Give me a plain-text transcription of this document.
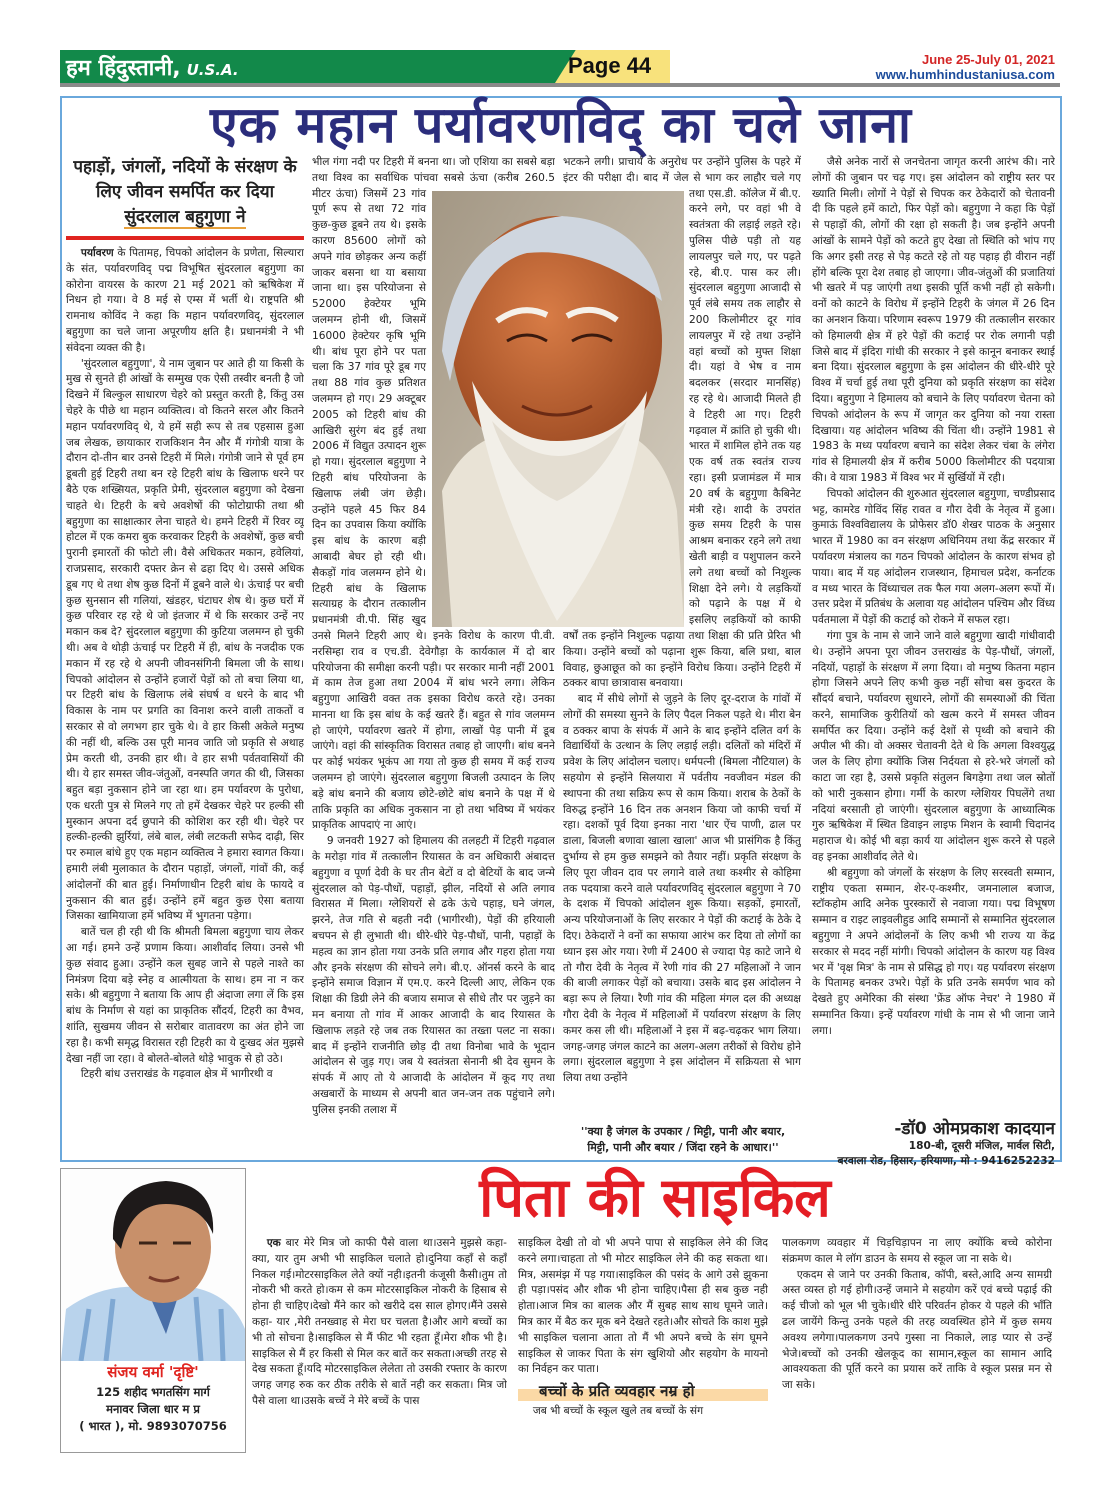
हम हिंदुस्तानी, U.S.A.	Page 44	June 25-July 01, 2021
www.humhindustaniusa.com
एक महान पर्यावरणविद् का चले जाना
पहाड़ों, जंगलों, नदियों के संरक्षण के
लिए जीवन समर्पित कर दिया
सुंदरलाल बहुगुणा ने

पर्यावरण के पितामह, चिपको आंदोलन के प्रणेता, सिल्यारा के संत, पर्यावरणविद् पद्म विभूषित सुंदरलाल बहुगुणा का कोरोना वायरस के कारण 21 मई 2021 को ऋषिकेश में निधन हो गया। वे 8 मई से एम्स में भर्ती थे। राष्ट्रपति श्री रामनाथ कोविंद ने कहा कि महान पर्यावरणविद्, सुंदरलाल बहुगुणा का चले जाना अपूरणीय क्षति है। प्रधानमंत्री ने भी संवेदना व्यक्त की है।

'सुंदरलाल बहुगुणा', ये नाम जुबान पर आते ही या किसी के मुख से सुनते ही आंखों के सम्मुख एक ऐसी तस्वीर बनती है जो दिखने में बिल्कुल साधारण चेहरे को प्रस्तुत करती है, किंतु उस चेहरे के पीछे था महान व्यक्तित्व। वो कितने सरल और कितने महान पर्यावरणविद् थे, ये हमें सही रूप से तब एहसास हुआ जब लेखक, छायाकार राजकिशन नैन और मैं गंगोत्री यात्रा के दौरान दो-तीन बार उनसे टिहरी में मिले। गंगोत्री जाने से पूर्व हम डूबती हुई टिहरी तथा बन रहे टिहरी बांध के खिलाफ धरने पर बैठे एक शख्सियत, प्रकृति प्रेमी, सुंदरलाल बहुगुणा को देखना चाहते थे। टिहरी के बचे अवशेषों की फोटोग्राफी तथा श्री बहुगुणा का साक्षात्कार लेना चाहते थे। हमने टिहरी में रिवर व्यू होटल में एक कमरा बुक करवाकर टिहरी के अवशेषों, कुछ बची पुरानी इमारतों की फोटो ली। वैसे अधिकतर मकान, हवेलियां, राजप्रसाद, सरकारी दफ्तर क्रेन से ढहा दिए थे। उससे अधिक डूब गए थे तथा शेष कुछ दिनों में डूबने वाले थे। ऊंचाई पर बची कुछ सुनसान सी गलियां, खंडहर, घंटाघर शेष थे। कुछ घरों में कुछ परिवार रह रहे थे जो इंतजार में थे कि सरकार उन्हें नए मकान कब दे? सुंदरलाल बहुगुणा की कुटिया जलमग्न हो चुकी थी। अब वे थोड़ी ऊंचाई पर टिहरी में ही, बांध के नजदीक एक मकान में रह रहे थे अपनी जीवनसंगिनी बिमला जी के साथ। चिपको आंदोलन से उन्होंने हजारों पेड़ों को तो बचा लिया था, पर टिहरी बांध के खिलाफ लंबे संघर्ष व धरने के बाद भी विकास के नाम पर प्रगति का विनाश करने वाली ताकतों व सरकार से वो लगभग हार चुके थे। वे हार किसी अकेले मनुष्य की नहीं थी, बल्कि उस पूरी मानव जाति जो प्रकृति से अथाह प्रेम करती थी, उनकी हार थी। वे हार सभी पर्वतवासियों की थी। ये हार समस्त जीव-जंतुओं, वनस्पति जगत की थी, जिसका बहुत बड़ा नुकसान होने जा रहा था। हम पर्यावरण के पुरोधा, एक धरती पुत्र से मिलने गए तो हमें देखकर चेहरे पर हल्की सी मुस्कान अपना दर्द छुपाने की कोशिश कर रही थी। चेहरे पर हल्की-हल्की झुर्रियां, लंबे बाल, लंबी लटकती सफेद दाढ़ी, सिर पर रुमाल बांधे हुए एक महान व्यक्तित्व ने हमारा स्वागत किया। हमारी लंबी मुलाकात के दौरान पहाड़ों, जंगलों, गांवों की, कई आंदोलनों की बात हुई। निर्माणाधीन टिहरी बांध के फायदे व नुकसान की बात हुई। उन्होंने हमें बहुत कुछ ऐसा बताया जिसका खामियाजा हमें भविष्य में भुगतना पड़ेगा।

बातें चल ही रही थी कि श्रीमती बिमला बहुगुणा चाय लेकर आ गई। हमने उन्हें प्रणाम किया। आशीर्वाद लिया। उनसे भी कुछ संवाद हुआ। उन्होंने कल सुबह जाने से पहले नाश्ते का निमंत्रण दिया बड़े स्नेह व आत्मीयता के साथ। हम ना न कर सके। श्री बहुगुणा ने बताया कि आप ही अंदाजा लगा लें कि इस बांध के निर्माण से यहां का प्राकृतिक सौंदर्य, टिहरी का वैभव, शांति, सुखमय जीवन से सरोबार वातावरण का अंत होने जा रहा है। कभी समृद्ध विरासत रही टिहरी का ये दुःखद अंत मुझसे देखा नहीं जा रहा। वे बोलते-बोलते थोड़े भावुक से हो उठे।

टिहरी बांध उत्तराखंड के गढ़वाल क्षेत्र में भागीरथी व

भील गंगा नदी पर टिहरी में बनना था। जो एशिया का सबसे बड़ा तथा विश्व का सर्वाधिक पांचवा सबसे ऊंचा (करीब 260.5 मीटर ऊंचा) जिसमें 23 गांव पूर्ण रूप से तथा 72 गांव कुछ-कुछ डूबने तय थे। इसके कारण 85600 लोगों को अपने गांव छोड़कर अन्य कहीं जाकर बसना था या बसाया जाना था। इस परियोजना से 52000 हेक्टेयर भूमि जलमग्न होनी थी, जिसमें 16000 हेक्टेयर कृषि भूमि थी। बांध पूरा होने पर पता चला कि 37 गांव पूरे डूब गए तथा 88 गांव कुछ प्रतिशत जलमग्न हो गए। 29 अक्टूबर 2005 को टिहरी बांध की आखिरी सुरंग बंद हुई तथा 2006 में विद्युत उत्पादन शुरू हो गया। सुंदरलाल बहुगुणा ने टिहरी बांध परियोजना के खिलाफ लंबी जंग छेड़ी। उन्होंने पहले 45 फिर 84 दिन का उपवास किया क्योंकि इस बांध के कारण बड़ी आबादी बेघर हो रही थी। सैकड़ों गांव जलमग्न होने थे। टिहरी बांध के खिलाफ सत्याग्रह के दौरान तत्कालीन प्रधानमंत्री वी.पी. सिंह खुद उनसे मिलने टिहरी आए थे। इनके विरोध के कारण पी.वी. नरसिम्हा राव व एच.डी. देवेगौड़ा के कार्यकाल में दो बार परियोजना की समीक्षा करनी पड़ी। पर सरकार मानी नहीं 2001 में काम तेज हुआ तथा 2004 में बांध भरने लगा। लेकिन बहुगुणा आखिरी वक्त तक इसका विरोध करते रहे। उनका मानना था कि इस बांध के कई खतरे हैं। बहुत से गांव जलमग्न हो जाएंगे, पर्यावरण खतरे में होगा, लाखों पेड़ पानी में डूब जाएंगे। वहां की सांस्कृतिक विरासत तबाह हो जाएगी। बांध बनने पर कोई भयंकर भूकंप आ गया तो कुछ ही समय में कई राज्य जलमग्न हो जाएंगे। सुंदरलाल बहुगुणा बिजली उत्पादन के लिए बड़े बांध बनाने की बजाय छोटे-छोटे बांध बनाने के पक्ष में थे ताकि प्रकृति का अधिक नुकसान ना हो तथा भविष्य में भयंकर प्राकृतिक आपदाएं ना आएं।

9 जनवरी 1927 को हिमालय की तलहटी में टिहरी गढ़वाल के मरोड़ा गांव में तत्कालीन रियासत के वन अधिकारी अंबादत्त बहुगुणा व पूर्णा देवी के घर तीन बेटों व दो बेटियों के बाद जन्मे सुंदरलाल को पेड़-पौधों, पहाड़ों, झील, नदियों से अति लगाव विरासत में मिला। ग्लेशियरों से ढके ऊंचे पहाड़, घने जंगल, झरने, तेज गति से बहती नदी (भागीरथी), पेड़ों की हरियाली बचपन से ही लुभाती थी। धीरे-धीरे पेड़-पौधों, पानी, पहाड़ों के महत्व का ज्ञान होता गया उनके प्रति लगाव और गहरा होता गया और इनके संरक्षण की सोचने लगे। बी.ए. ऑनर्स करने के बाद इन्होंने समाज विज्ञान में एम.ए. करने दिल्ली आए, लेकिन एक शिक्षा की डिग्री लेने की बजाय समाज से सीधे तौर पर जुड़ने का मन बनाया तो गांव में आकर आजादी के बाद रियासत के खिलाफ लड़ते रहे जब तक रियासत का तख्ता पलट ना सका। बाद में इन्होंने राजनीति छोड़ दी तथा विनोबा भावे के भूदान आंदोलन से जुड़ गए। जब ये स्वतंत्रता सेनानी श्री देव सुमन के संपर्क में आए तो ये आजादी के आंदोलन में कूद गए तथा अखबारों के माध्यम से अपनी बात जन-जन तक पहुंचाने लगे। पुलिस इनकी तलाश में

भटकने लगी। प्राचार्य के अनुरोध पर उन्होंने पुलिस के पहरे में इंटर की परीक्षा दी। बाद में जेल से भाग कर लाहौर चले गए तथा एस.डी. कॉलेज में बी.ए. करने लगे, पर वहां भी वे स्वतंत्रता की लड़ाई लड़ते रहे। पुलिस पीछे पड़ी तो यह लायलपुर चले गए, पर पढ़ते रहे, बी.ए. पास कर ली। सुंदरलाल बहुगुणा आजादी से पूर्व लंबे समय तक लाहौर से 200 किलोमीटर दूर गांव लायलपुर में रहे तथा उन्होंने वहां बच्चों को मुफ्त शिक्षा दी। यहां वे भेष व नाम बदलकर (सरदार मानसिंह) रह रहे थे। आजादी मिलते ही वे टिहरी आ गए। टिहरी गढ़वाल में क्रांति हो चुकी थी। भारत में शामिल होने तक यह एक वर्ष तक स्वतंत्र राज्य रहा। इसी प्रजामंडल में मात्र 20 वर्ष के बहुगुणा कैबिनेट मंत्री रहे। शादी के उपरांत कुछ समय टिहरी के पास आश्रम बनाकर रहने लगे तथा खेती बाड़ी व पशुपालन करने लगे तथा बच्चों को निशुल्क शिक्षा देने लगे। ये लड़कियों को पढ़ाने के पक्ष में थे इसलिए लड़कियों को काफी वर्षों तक इन्होंने निशुल्क पढ़ाया तथा शिक्षा की प्रति प्रेरित भी किया। उन्होंने बच्चों को पढ़ाना शुरू किया, बलि प्रथा, बाल विवाह, छुआछूत को का इन्होंने विरोध किया। उन्होंने टिहरी में ठक्कर बापा छात्रावास बनवाया।

बाद में सीधे लोगों से जुड़ने के लिए दूर-दराज के गांवों में लोगों की समस्या सुनने के लिए पैदल निकल पड़ते थे। मीरा बेन व ठक्कर बापा के संपर्क में आने के बाद इन्होंने दलित वर्ग के विद्यार्थियों के उत्थान के लिए लड़ाई लड़ी। दलितों को मंदिरों में प्रवेश के लिए आंदोलन चलाए। धर्मपत्नी (बिमला नौटियाल) के सहयोग से इन्होंने सिलयारा में पर्वतीय नवजीवन मंडल की स्थापना की तथा सक्रिय रूप से काम किया। शराब के ठेकों के विरुद्ध इन्होंने 16 दिन तक अनशन किया जो काफी चर्चा में रहा। दशकों पूर्व दिया इनका नारा 'धार ऐंच पाणी, ढाल पर डाला, बिजली बणावा खाला खाला' आज भी प्रासंगिक है किंतु दुर्भाग्य से हम कुछ समझने को तैयार नहीं। प्रकृति संरक्षण के लिए पूरा जीवन दाव पर लगाने वाले तथा कश्मीर से कोहिमा तक पदयात्रा करने वाले पर्यावरणविद् सुंदरलाल बहुगुणा ने 70 के दशक में चिपको आंदोलन शुरू किया। सड़कों, इमारतों, अन्य परियोजनाओं के लिए सरकार ने पेड़ों की कटाई के ठेके दे दिए। ठेकेदारों ने वनों का सफाया आरंभ कर दिया तो लोगों का ध्यान इस ओर गया। रेणी में 2400 से ज्यादा पेड़ काटे जाने थे तो गौरा देवी के नेतृत्व में रेणी गांव की 27 महिलाओं ने जान की बाजी लगाकर पेड़ों को बचाया। उसके बाद इस आंदोलन ने बड़ा रूप ले लिया। रैणी गांव की महिला मंगल दल की अध्यक्ष गौरा देवी के नेतृत्व में महिलाओं में पर्यावरण संरक्षण के लिए कमर कस ली थी। महिलाओं ने इस में बढ़-चढ़कर भाग लिया। जगह-जगह जंगल काटने का अलग-अलग तरीकों से विरोध होने लगा। सुंदरलाल बहुगुणा ने इस आंदोलन में सक्रियता से भाग लिया तथा उन्होंने

''क्या है जंगल के उपकार / मिट्टी, पानी और बयार,
मिट्टी, पानी और बयार / जिंदा रहने के आधार।''

जैसे अनेक नारों से जनचेतना जागृत करनी आरंभ की। नारे लोगों की जुबान पर चढ़ गए। इस आंदोलन को राष्ट्रीय स्तर पर ख्याति मिली। लोगों ने पेड़ों से चिपक कर ठेकेदारों को चेतावनी दी कि पहले हमें काटो, फिर पेड़ों को। बहुगुणा ने कहा कि पेड़ों से पहाड़ों की, लोगों की रक्षा हो सकती है। जब इन्होंने अपनी आंखों के सामने पेड़ों को कटते हुए देखा तो स्थिति को भांप गए कि अगर इसी तरह से पेड़ कटते रहे तो यह पहाड़ ही वीरान नहीं होंगे बल्कि पूरा देश तबाह हो जाएगा। जीव-जंतुओं की प्रजातियां भी खतरे में पड़ जाएंगी तथा इसकी पूर्ति कभी नहीं हो सकेगी। वनों को काटने के विरोध में इन्होंने टिहरी के जंगल में 26 दिन का अनशन किया। परिणाम स्वरूप 1979 की तत्कालीन सरकार को हिमालयी क्षेत्र में हरे पेड़ों की कटाई पर रोक लगानी पड़ी जिसे बाद में इंदिरा गांधी की सरकार ने इसे कानून बनाकर स्थाई बना दिया। सुंदरलाल बहुगुणा के इस आंदोलन की धीरे-धीरे पूरे विश्व में चर्चा हुई तथा पूरी दुनिया को प्रकृति संरक्षण का संदेश दिया। बहुगुणा ने हिमालय को बचाने के लिए पर्यावरण चेतना को चिपको आंदोलन के रूप में जागृत कर दुनिया को नया रास्ता दिखाया। यह आंदोलन भविष्य की चिंता थी। उन्होंने 1981 से 1983 के मध्य पर्यावरण बचाने का संदेश लेकर चंबा के लंगेरा गांव से हिमालयी क्षेत्र में करीब 5000 किलोमीटर की पदयात्रा की। वे यात्रा 1983 में विश्व भर में सुर्खियों में रही।

चिपको आंदोलन की शुरुआत सुंदरलाल बहुगुणा, चण्डीप्रसाद भट्ट, कामरेड गोविंद सिंह रावत व गौरा देवी के नेतृत्व में हुआ। कुमाऊं विश्वविद्यालय के प्रोफेसर डॉ0 शेखर पाठक के अनुसार भारत में 1980 का वन संरक्षण अधिनियम तथा केंद्र सरकार में पर्यावरण मंत्रालय का गठन चिपको आंदोलन के कारण संभव हो पाया। बाद में यह आंदोलन राजस्थान, हिमाचल प्रदेश, कर्नाटक व मध्य भारत के विंध्याचल तक फैल गया अलग-अलग रूपों में। उत्तर प्रदेश में प्रतिबंध के अलावा यह आंदोलन पश्चिम और विंध्य पर्वतमाला में पेड़ों की कटाई को रोकने में सफल रहा।

गंगा पुत्र के नाम से जाने जाने वाले बहुगुणा खादी गांधीवादी थे। उन्होंने अपना पूरा जीवन उत्तराखंड के पेड़-पौधों, जंगलों, नदियों, पहाड़ों के संरक्षण में लगा दिया। वो मनुष्य कितना महान होगा जिसने अपने लिए कभी कुछ नहीं सोचा बस कुदरत के सौंदर्य बचाने, पर्यावरण सुधारने, लोगों की समस्याओं की चिंता करने, सामाजिक कुरीतियों को खत्म करने में समस्त जीवन समर्पित कर दिया। उन्होंने कई देशों से पृथ्वी को बचाने की अपील भी की। वो अक्सर चेतावनी देते थे कि अगला विश्वयुद्ध जल के लिए होगा क्योंकि जिस निर्दयता से हरे-भरे जंगलों को काटा जा रहा है, उससे प्रकृति संतुलन बिगड़ेगा तथा जल स्रोतों को भारी नुकसान होगा। गर्मी के कारण ग्लेशियर पिघलेंगे तथा नदियां बरसाती हो जाएंगी। सुंदरलाल बहुगुणा के आध्यात्मिक गुरु ऋषिकेश में स्थित डिवाइन लाइफ मिशन के स्वामी चिदानंद महाराज थे। कोई भी बड़ा कार्य या आंदोलन शुरू करने से पहले वह इनका आशीर्वाद लेते थे।

श्री बहुगुणा को जंगलों के संरक्षण के लिए सरस्वती सम्मान, राष्ट्रीय एकता सम्मान, शेर-ए-कश्मीर, जमनालाल बजाज, स्टॉकहोम आदि अनेक पुरस्कारों से नवाजा गया। पद्म विभूषण सम्मान व राइट लाइवलीहुड आदि सम्मानों से सम्मानित सुंदरलाल बहुगुणा ने अपने आंदोलनों के लिए कभी भी राज्य या केंद्र सरकार से मदद नहीं मांगी। चिपको आंदोलन के कारण यह विश्व भर में 'वृक्ष मित्र' के नाम से प्रसिद्ध हो गए। यह पर्यावरण संरक्षण के पितामह बनकर उभरे। पेड़ों के प्रति उनके समर्पण भाव को देखते हुए अमेरिका की संस्था 'फ्रेंड ऑफ नेचर' ने 1980 में सम्मानित किया। इन्हें पर्यावरण गांधी के नाम से भी जाना जाने लगा।

-डॉ0 ओमप्रकाश कादयान
180-बी, दूसरी मंजिल, मार्वल सिटी,
बरवाला रोड, हिसार, हरियाणा, मो : 9416252232
संजय वर्मा 'दृष्टि'
125 शहीद भगतसिंग मार्ग
मनावर जिला धार म प्र
( भारत ), मो. 9893070756
पिता की साइकिल

एक बार मेरे मित्र जो काफी पैसे वाला था।उसने मुझसे कहा-क्या, यार तुम अभी भी साइकिल चलाते हो।दुनिया कहाँ से कहाँ निकल गई।मोटरसाइकिल लेते क्यों नही।इतनी कंजूसी कैसी।तुम तो नोकरी भी करते हो।कम से कम मोटरसाइकिल नोकरी के हिसाब से होना ही चाहिए।देखो मैंने कार को खरीदे दस साल होगए।मैंने उससे कहा- यार ,मेरी तनख्वाह से मेरा घर चलता है।और आगे बच्चों का भी तो सोचना है।साइकिल से मैं फीट भी रहता हूँ।मेरा शौक भी है।साइकिल से मैं हर किसी से मिल कर बातें कर सकता।अच्छी तरह से देख सकता हूँ।यदि मोटरसाइकिल लेलेता तो उसकी रफ्तार के कारण जगह जगह रुक कर ठीक तरीके से बातें नही कर सकता। मित्र जो पैसे वाला था।उसके बच्चें ने मेरे बच्चें के पास

साइकिल देखी तो वो भी अपने पापा से साइकिल लेने की जिद करने लगा।चाहता तो भी मोटर साइकिल लेने की कह सकता था।मित्र, असमंझ में पड़ गया।साइकिल की पसंद के आगे उसे झुकना ही पड़ा।पसंद और शौक भी होना चाहिए।पैसा ही सब कुछ नही होता।आज मित्र का बालक और मैं सुबह साथ साथ घूमने जाते।मित्र कार में बैठ कर मूक बने देखते रहते।और सोचते कि काश मुझे भी साइकिल चलाना आता तो मैं भी अपने बच्चे के संग घूमने साइकिल से जाकर पिता के संग खुशियो और सहयोग के मायनो का निर्वहन कर पाता।

बच्चों के प्रति व्यवहार नम्र हो

जब भी बच्चों के स्कूल खुले तब बच्चों के संग

पालकगण व्यवहार में चिड़चिड़ापन ना लाए क्योंकि बच्चे कोरोना संक्रमण काल मे लॉग डाउन के समय से स्कूल जा ना सके थे।

एकदम से जाने पर उनकी किताब, कॉपी, बस्ते,आदि अन्य सामग्री अस्त व्यस्त हो गई होगी।उन्हें जमाने मे सहयोग करें एवं बच्चे पढ़ाई की कई चीजो को भूल भी चुके।धीरे धीरे परिवर्तन होकर ये पहले की भाँति ढल जायेंगे किन्तु उनके पहले की तरह व्यवस्थित होने में कुछ समय अवश्य लगेगा।पालकगण उनपे गुस्सा ना निकाले, लाड़ प्यार से उन्हें भेजे।बच्चों को उनकी खेलकूद का सामान,स्कूल का सामान आदि आवश्यकता की पूर्ति करने का प्रयास करें ताकि वे स्कूल प्रसन्न मन से जा सके।
